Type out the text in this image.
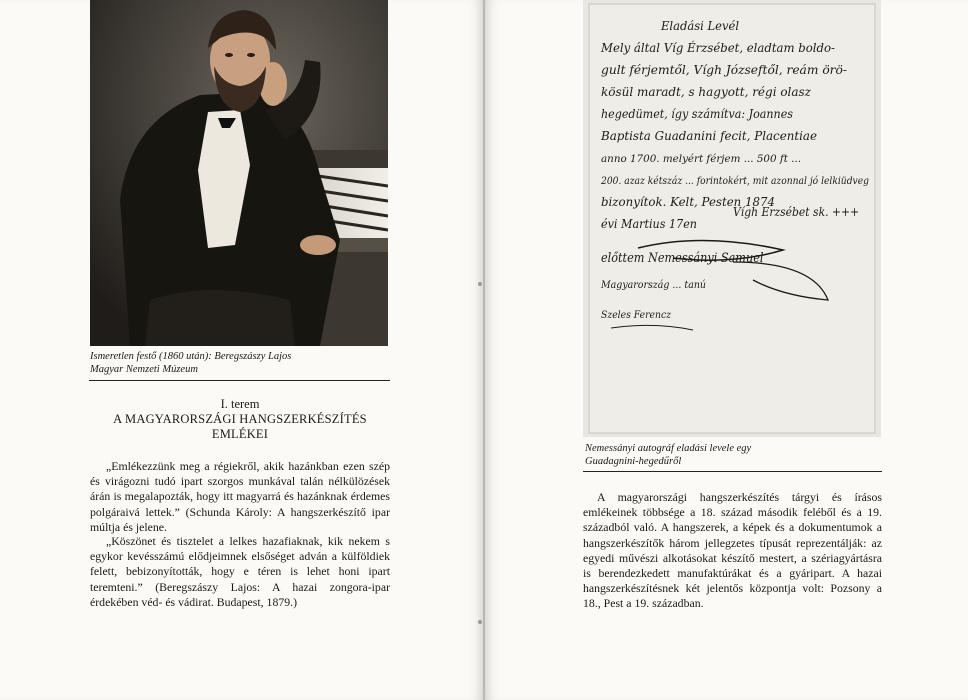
Ismeretlen festő (1860 után): Beregszászy Lajos
Magyar Nemzeti Múzeum
I. terem
A MAGYARORSZÁGI HANGSZERKÉSZÍTÉS
EMLÉKEI

„Emlékezzünk meg a régiekről, akik hazánkban ezen szép és virágozni tudó ipart szorgos munkával talán nélkülözések árán is megalapozták, hogy itt magyarrá és hazánknak érdemes polgáraivá lettek.” (Schunda Károly: A hangszerkészítő ipar múltja és jelene.

„Köszönet és tisztelet a lelkes hazafiaknak, kik nekem s egykor kevésszámú elődjeimnek elsőséget adván a külföldiek felett, bebizonyították, hogy e téren is lehet honi ipart teremteni.” (Beregszászy Lajos: A hazai zongora-ipar érdekében véd- és vádirat. Budapest, 1879.)

Eladási Levél
Mely által Víg Érzsébet, eladtam boldo-
gult férjemtől, Vígh Józseftől, reám örö-
kösül maradt, s hagyott, régi olasz
hegedümet, így számítva: Joannes
Baptista Guadanini fecit, Placentiae
anno 1700. melyért férjem ... 500 ft ...
200. azaz kétszáz ... forintokért, mit azonnal jó lelkiüdveg
bizonyítok. Kelt, Pesten 1874
évi Martius 17en
Vígh Erzsébet sk. +++
előttem Nemessányi Samuel
Magyarország ... tanú
Szeles Ferencz
Nemessányi autográf eladási levele egy
Guadagnini-hegedűről

A magyarországi hangszerkészítés tárgyi és írásos emlékeinek többsége a 18. század második feléből és a 19. századból való. A hangszerek, a képek és a dokumentumok a hangszerkészítők három jellegzetes típusát reprezentálják: az egyedi művészi alkotásokat készítő mestert, a szériagyártásra is berendezkedett manufaktúrákat és a gyáripart. A hazai hangszerkészítésnek két jelentős központja volt: Pozsony a 18., Pest a 19. században.
